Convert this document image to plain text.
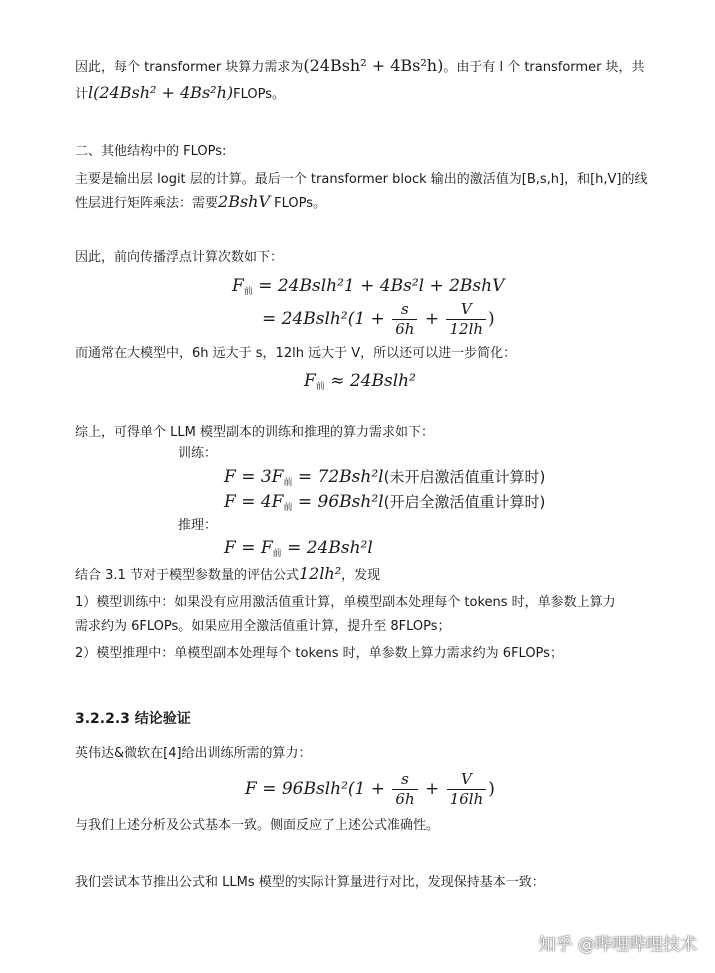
因此，每个 transformer 块算力需求为(24Bsh² + 4Bs²h)。由于有 l 个 transformer 块，共
计l(24Bsh² + 4Bs²h)FLOPs。
二、其他结构中的 FLOPs:
主要是输出层 logit 层的计算。最后一个 transformer block 输出的激活值为[B,s,h]，和[h,V]的线
性层进行矩阵乘法：需要2BshV FLOPs。
因此，前向传播浮点计算次数如下：
$F_前$ = 24Bslh²1 + 4Bs²l + 2BshV
= 24Bslh²(1 + $\frac{s}{6h} + \frac{V}{12lh}$ )
而通常在大模型中，6h 远大于 s，12lh 远大于 V，所以还可以进一步简化：
$F_前$ ≈ 24Bslh²
综上，可得单个 LLM 模型副本的训练和推理的算力需求如下：
训练：
$F = 3F_前 = 72Bsh^2l$(未开启激活值重计算时)
$F = 4F_前 = 96Bsh^2l$(开启全激活值重计算时)
推理：
$F = F_前 = 24Bsh^2l$
结合 3.1 节对于模型参数量的评估公式12lh²，发现
1）模型训练中：如果没有应用激活值重计算，单模型副本处理每个 tokens 时，单参数上算力
需求约为 6FLOPs。如果应用全激活值重计算，提升至 8FLOPs；
2）模型推理中：单模型副本处理每个 tokens 时，单参数上算力需求约为 6FLOPs；
3.2.2.3 结论验证
英伟达&微软在[4]给出训练所需的算力：
F = 96Bslh²(1 + $\frac{s}{6h} + \frac{V}{16lh}$ )
与我们上述分析及公式基本一致。侧面反应了上述公式准确性。
我们尝试本节推出公式和 LLMs 模型的实际计算量进行对比，发现保持基本一致：
知乎 @哔哩哔哩技术
